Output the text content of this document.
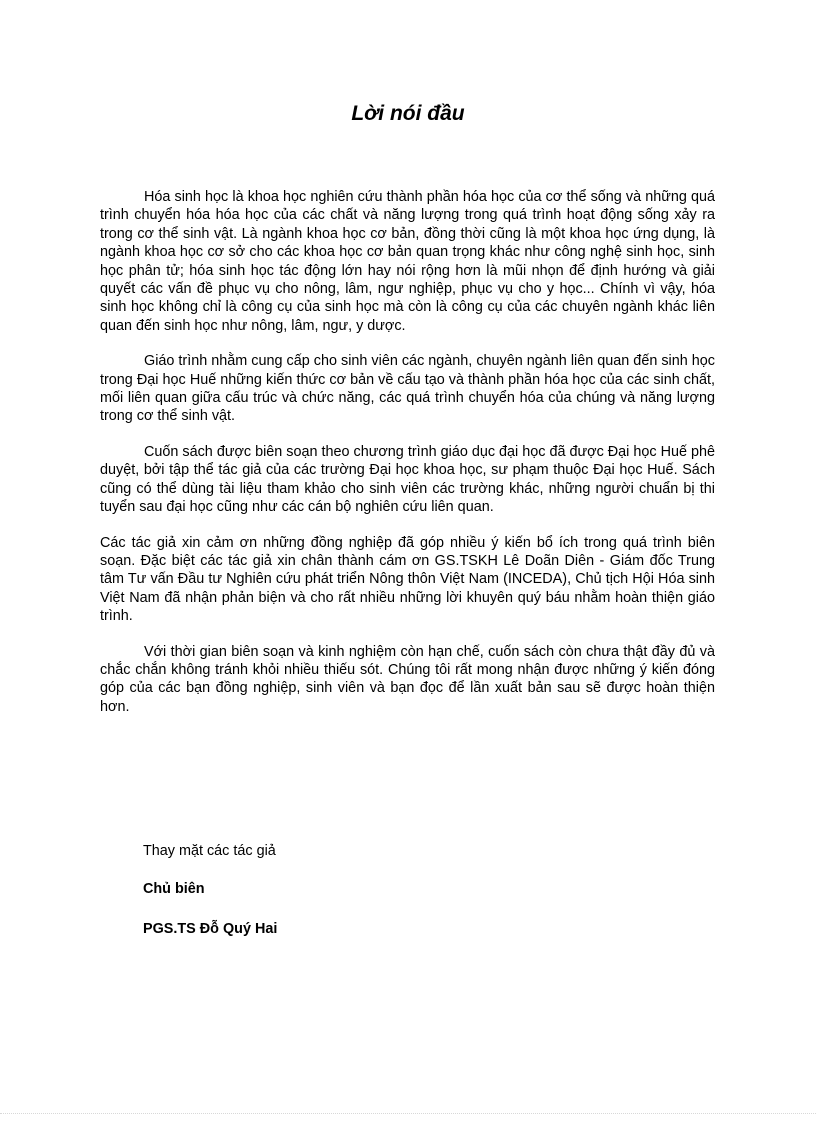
Lời nói đầu

Hóa sinh học là khoa học nghiên cứu thành phần hóa học của cơ thể sống và những quá trình chuyển hóa hóa học của các chất và năng lượng trong quá trình hoạt động sống xảy ra trong cơ thể sinh vật. Là ngành khoa học cơ bản, đồng thời cũng là một khoa học ứng dụng, là ngành khoa học cơ sở cho các khoa học cơ bản quan trọng khác như công nghệ sinh học, sinh học phân tử; hóa sinh học tác động lớn hay nói rộng hơn là mũi nhọn để định hướng và giải quyết các vấn đề phục vụ cho nông, lâm, ngư nghiệp, phục vụ cho y học... Chính vì vậy, hóa sinh học không chỉ là công cụ của sinh học mà còn là công cụ của các chuyên ngành khác liên quan đến sinh học như nông, lâm, ngư, y dược.

Giáo trình nhằm cung cấp cho sinh viên các ngành, chuyên ngành liên quan đến sinh học trong Đại học Huế những kiến thức cơ bản về cấu tạo và thành phần hóa học của các sinh chất, mối liên quan giữa cấu trúc và chức năng, các quá trình chuyển hóa của chúng và năng lượng trong cơ thể sinh vật.

Cuốn sách được biên soạn theo chương trình giáo dục đại học đã được Đại học Huế phê duyệt, bởi tập thể tác giả của các trường Đại học khoa học, sư phạm thuộc Đại học Huế. Sách cũng có thể dùng tài liệu tham khảo cho sinh viên các trường khác, những người chuẩn bị thi tuyển sau đại học cũng như các cán bộ nghiên cứu liên quan.

Các tác giả xin cảm ơn những đồng nghiệp đã góp nhiều ý kiến bổ ích trong quá trình biên soạn. Đặc biệt các tác giả xin chân thành cám ơn GS.TSKH Lê Doãn Diên - Giám đốc Trung tâm Tư vấn Đầu tư Nghiên cứu phát triển Nông thôn Việt Nam (INCEDA), Chủ tịch Hội Hóa sinh Việt Nam đã nhận phản biện và cho rất nhiều những lời khuyên quý báu nhằm hoàn thiện giáo trình.

Với thời gian biên soạn và kinh nghiệm còn hạn chế, cuốn sách còn chưa thật đầy đủ và chắc chắn không tránh khỏi nhiều thiếu sót. Chúng tôi rất mong nhận được những ý kiến đóng góp của các bạn đồng nghiệp, sinh viên và bạn đọc để lần xuất bản sau sẽ được hoàn thiện hơn.

Thay mặt các tác giả
Chủ biên
PGS.TS Đỗ Quý Hai
